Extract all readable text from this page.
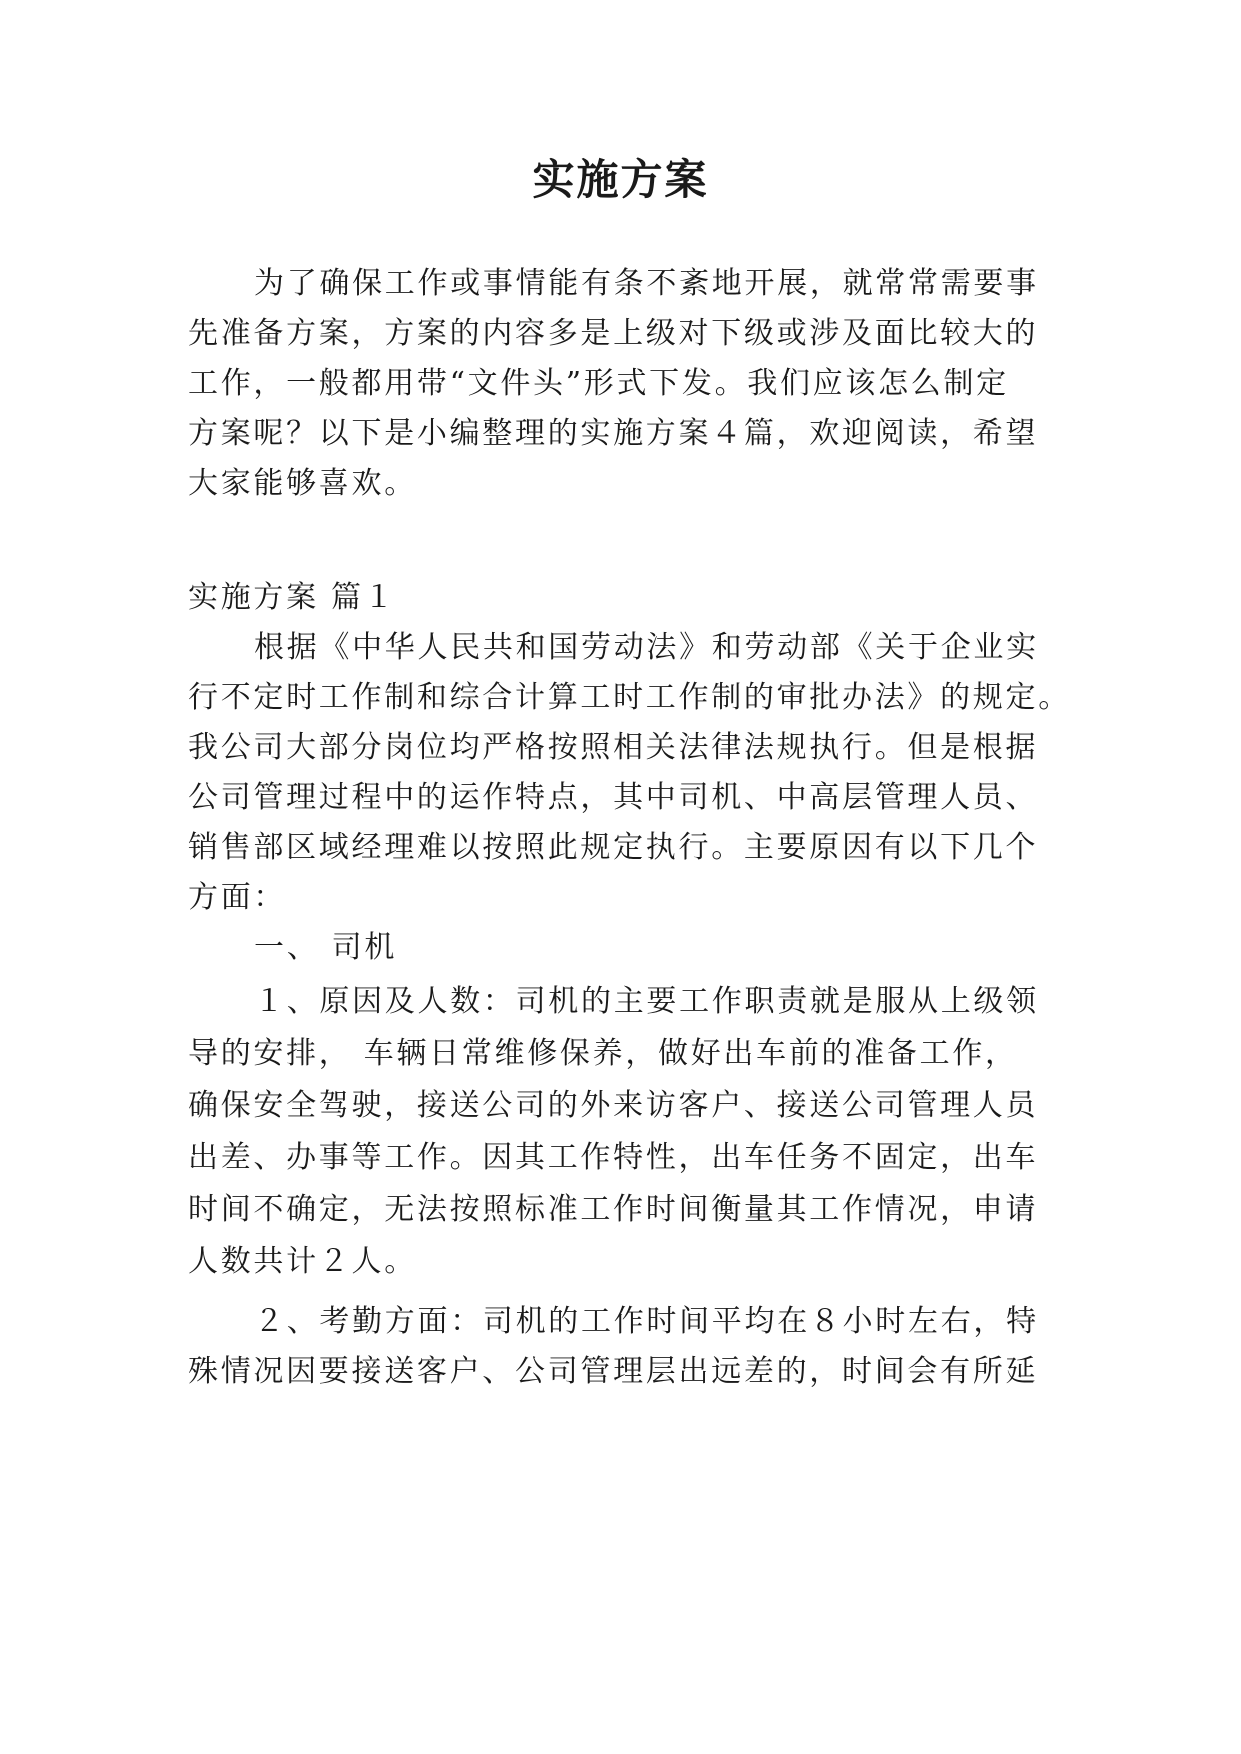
实施方案
为了确保工作或事情能有条不紊地开展，就常常需要事
先准备方案，方案的内容多是上级对下级或涉及面比较大的
工作，一般都用带“文件头”形式下发。我们应该怎么制定
方案呢？以下是小编整理的实施方案４篇，欢迎阅读，希望
大家能够喜欢。
实施方案 篇１
根据《中华人民共和国劳动法》和劳动部《关于企业实
行不定时工作制和综合计算工时工作制的审批办法》的规定。
我公司大部分岗位均严格按照相关法律法规执行。但是根据
公司管理过程中的运作特点，其中司机、中高层管理人员、
销售部区域经理难以按照此规定执行。主要原因有以下几个
方面：
一、 司机
１、原因及人数：司机的主要工作职责就是服从上级领
导的安排， 车辆日常维修保养，做好出车前的准备工作，
确保安全驾驶，接送公司的外来访客户、接送公司管理人员
出差、办事等工作。因其工作特性，出车任务不固定，出车
时间不确定，无法按照标准工作时间衡量其工作情况，申请
人数共计２人。
２、考勤方面：司机的工作时间平均在８小时左右，特
殊情况因要接送客户、公司管理层出远差的，时间会有所延
